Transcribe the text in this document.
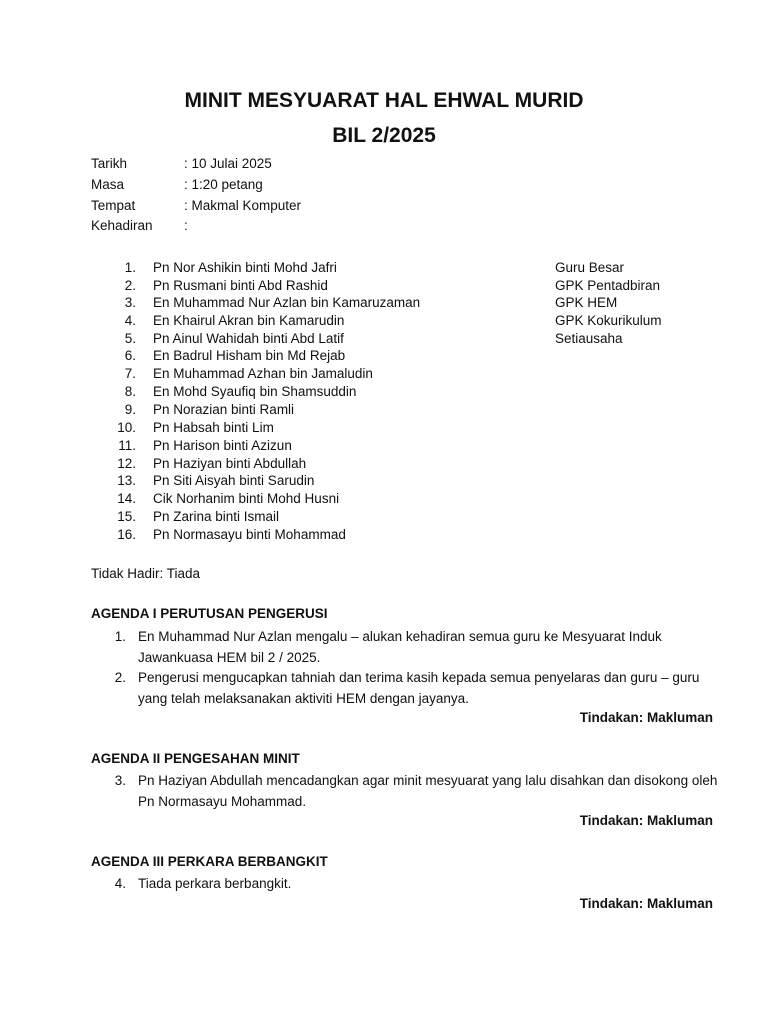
MINIT MESYUARAT HAL EHWAL MURID
BIL 2/2025
Tarikh	: 10 Julai 2025
Masa	: 1:20 petang
Tempat	: Makmal Komputer
Kehadiran	:
1. Pn Nor Ashikin binti Mohd Jafri	Guru Besar
2. Pn Rusmani binti Abd Rashid	GPK Pentadbiran
3. En Muhammad Nur Azlan bin Kamaruzaman	GPK HEM
4. En Khairul Akran bin Kamarudin	GPK Kokurikulum
5. Pn Ainul Wahidah binti Abd Latif	Setiausaha
6. En Badrul Hisham bin Md Rejab
7. En Muhammad Azhan bin Jamaludin
8. En Mohd Syaufiq bin Shamsuddin
9. Pn Norazian binti Ramli
10. Pn Habsah binti Lim
11. Pn Harison binti Azizun
12. Pn Haziyan binti Abdullah
13. Pn Siti Aisyah binti Sarudin
14. Cik Norhanim binti Mohd Husni
15. Pn Zarina binti Ismail
16. Pn Normasayu binti Mohammad
Tidak Hadir: Tiada
AGENDA I PERUTUSAN PENGERUSI
1. En Muhammad Nur Azlan mengalu – alukan kehadiran semua guru ke Mesyuarat Induk Jawankuasa HEM bil 2 / 2025.
2. Pengerusi mengucapkan tahniah dan terima kasih kepada semua penyelaras dan guru – guru yang telah melaksanakan aktiviti HEM dengan jayanya.
Tindakan: Makluman
AGENDA II PENGESAHAN MINIT
3. Pn Haziyan Abdullah mencadangkan agar minit mesyuarat yang lalu disahkan dan disokong oleh Pn Normasayu Mohammad.
Tindakan: Makluman
AGENDA III PERKARA BERBANGKIT
4. Tiada perkara berbangkit.
Tindakan: Makluman
